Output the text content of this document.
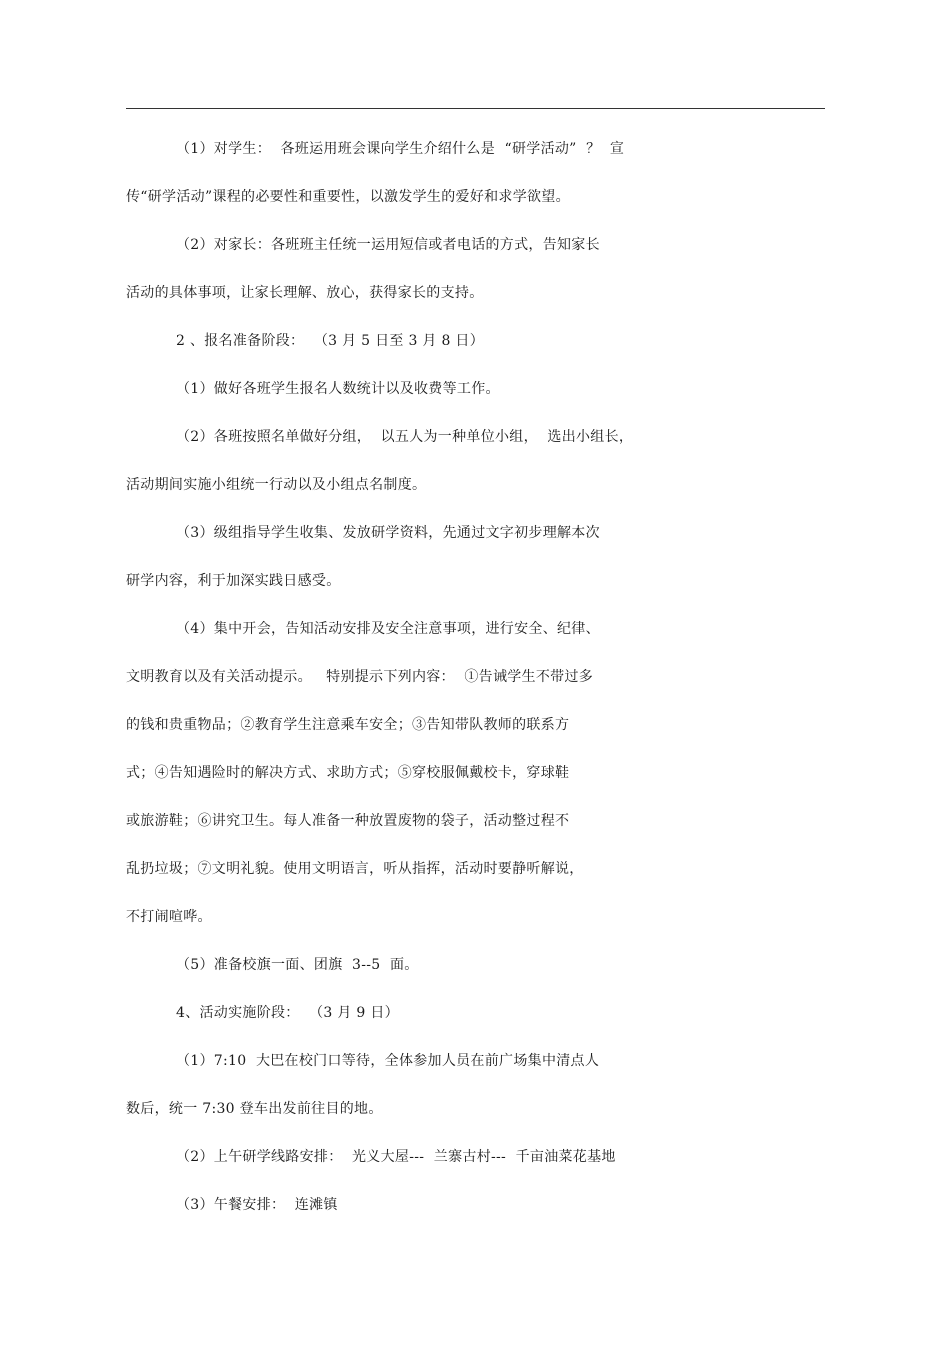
（1）对学生：  各班运用班会课向学生介绍什么是  “研学活动”  ？  宣
传“研学活动”课程的必要性和重要性，以激发学生的爱好和求学欲望。
（2）对家长：各班班主任统一运用短信或者电话的方式，告知家长
活动的具体事项，让家长理解、放心，获得家长的支持。
2 、报名准备阶段：  （3 月 5 日至 3 月 8 日）
（1）做好各班学生报名人数统计以及收费等工作。
（2）各班按照名单做好分组，  以五人为一种单位小组，  选出小组长，
活动期间实施小组统一行动以及小组点名制度。
（3）级组指导学生收集、发放研学资料，先通过文字初步理解本次
研学内容，利于加深实践日感受。
（4）集中开会，告知活动安排及安全注意事项，进行安全、纪律、
文明教育以及有关活动提示。   特别提示下列内容：  ①告诫学生不带过多
的钱和贵重物品；②教育学生注意乘车安全；③告知带队教师的联系方
式；④告知遇险时的解决方式、求助方式；⑤穿校服佩戴校卡，穿球鞋
或旅游鞋；⑥讲究卫生。每人准备一种放置废物的袋子，活动整过程不
乱扔垃圾；⑦文明礼貌。使用文明语言，听从指挥，活动时要静听解说，
不打闹喧哗。
（5）准备校旗一面、团旗  3--5  面。
4、活动实施阶段：  （3 月 9 日）
（1）7:10  大巴在校门口等待，全体参加人员在前广场集中清点人
数后，统一 7:30 登车出发前往目的地。
（2）上午研学线路安排：  光义大屋---  兰寨古村---  千亩油菜花基地
（3）午餐安排：  连滩镇
